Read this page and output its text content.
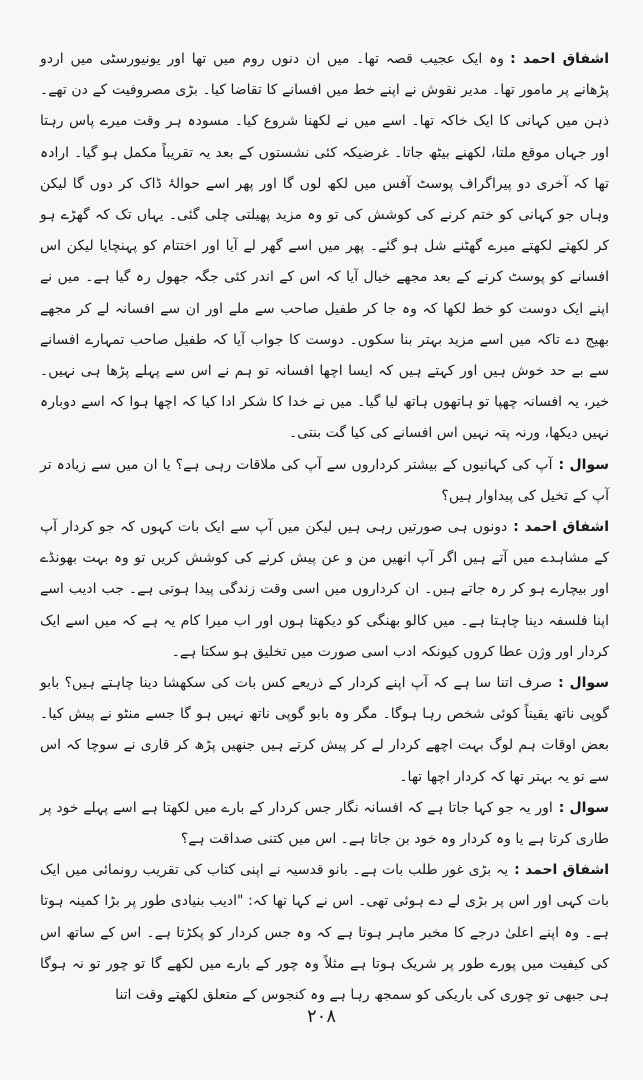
اشفاق احمد :وہ ایک عجیب قصہ تھا۔ میں ان دنوں روم میں تھا اور یونیورسٹی میں اردو پڑھانے پر مامور تھا۔ مدیر نقوش نے اپنے خط میں افسانے کا تقاضا کیا۔ بڑی مصروفیت کے دن تھے۔ ذہن میں کہانی کا ایک خاکہ تھا۔ اسے میں نے لکھنا شروع کیا۔ مسودہ ہر وقت میرے پاس رہتا اور جہاں موقع ملتا، لکھنے بیٹھ جاتا۔ غرضیکہ کئی نشستوں کے بعد یہ تقریباً مکمل ہو گیا۔ ارادہ تھا کہ آخری دو پیراگراف پوسٹ آفس میں لکھ لوں گا اور پھر اسے حوالۂ ڈاک کر دوں گا لیکن وہاں جو کہانی کو ختم کرنے کی کوشش کی تو وہ مزید پھیلتی چلی گئی۔ یہاں تک کہ گھڑے ہو کر لکھتے لکھتے میرے گھٹنے شل ہو گئے۔ پھر میں اسے گھر لے آیا اور اختتام کو پہنچایا لیکن اس افسانے کو پوسٹ کرنے کے بعد مجھے خیال آیا کہ اس کے اندر کئی جگہ جھول رہ گیا ہے۔ میں نے اپنے ایک دوست کو خط لکھا کہ وہ جا کر طفیل صاحب سے ملے اور ان سے افسانہ لے کر مجھے بھیج دے تاکہ میں اسے مزید بہتر بنا سکوں۔ دوست کا جواب آیا کہ طفیل صاحب تمہارے افسانے سے بے حد خوش ہیں اور کہتے ہیں کہ ایسا اچھا افسانہ تو ہم نے اس سے پہلے پڑھا ہی نہیں۔ خیر، یہ افسانہ چھپا تو ہاتھوں ہاتھ لیا گیا۔ میں نے خدا کا شکر ادا کیا کہ اچھا ہوا کہ اسے دوبارہ نہیں دیکھا، ورنہ پتہ نہیں اس افسانے کی کیا گت بنتی۔

سوال :آپ کی کہانیوں کے بیشتر کرداروں سے آپ کی ملاقات رہی ہے؟ یا ان میں سے زیادہ تر آپ کے تخیل کی پیداوار ہیں؟

اشفاق احمد :دونوں ہی صورتیں رہی ہیں لیکن میں آپ سے ایک بات کہوں کہ جو کردار آپ کے مشاہدے میں آتے ہیں اگر آپ انھیں من و عن پیش کرنے کی کوشش کریں تو وہ بہت بھونڈے اور بیچارے ہو کر رہ جاتے ہیں۔ ان کرداروں میں اسی وقت زندگی پیدا ہوتی ہے۔ جب ادیب اسے اپنا فلسفہ دینا چاہتا ہے۔ میں کالو بھنگی کو دیکھتا ہوں اور اب میرا کام یہ ہے کہ میں اسے ایک کردار اور وژن عطا کروں کیونکہ ادب اسی صورت میں تخلیق ہو سکتا ہے۔

سوال :صرف اتنا سا ہے کہ آپ اپنے کردار کے ذریعے کس بات کی سکھشا دینا چاہتے ہیں؟ بابو گوپی ناتھ یقیناً کوئی شخص رہا ہوگا۔ مگر وہ بابو گوپی ناتھ نہیں ہو گا جسے منٹو نے پیش کیا۔ بعض اوقات ہم لوگ بہت اچھے کردار لے کر پیش کرتے ہیں جنھیں پڑھ کر قاری نے سوچا کہ اس سے تو یہ بہتر تھا کہ کردار اچھا تھا۔

سوال :اور یہ جو کہا جاتا ہے کہ افسانہ نگار جس کردار کے بارے میں لکھتا ہے اسے پہلے خود پر طاری کرتا ہے یا وہ کردار وہ خود بن جاتا ہے۔ اس میں کتنی صداقت ہے؟

اشفاق احمد :یہ بڑی غور طلب بات ہے۔ بانو قدسیہ نے اپنی کتاب کی تقریب رونمائی میں ایک بات کہی اور اس پر بڑی لے دے ہوئی تھی۔ اس نے کہا تھا کہ: "ادیب بنیادی طور پر بڑا کمینہ ہوتا ہے۔ وہ اپنے اعلیٰ درجے کا مخبر ماہر ہوتا ہے کہ وہ جس کردار کو پکڑتا ہے۔ اس کے ساتھ اس کی کیفیت میں پورے طور پر شریک ہوتا ہے مثلاً وہ چور کے بارے میں لکھے گا تو چور تو نہ ہوگا ہی جبھی تو چوری کی باریکی کو سمجھ رہا ہے وہ کنجوس کے متعلق لکھتے وقت اتنا

۲۰۸
